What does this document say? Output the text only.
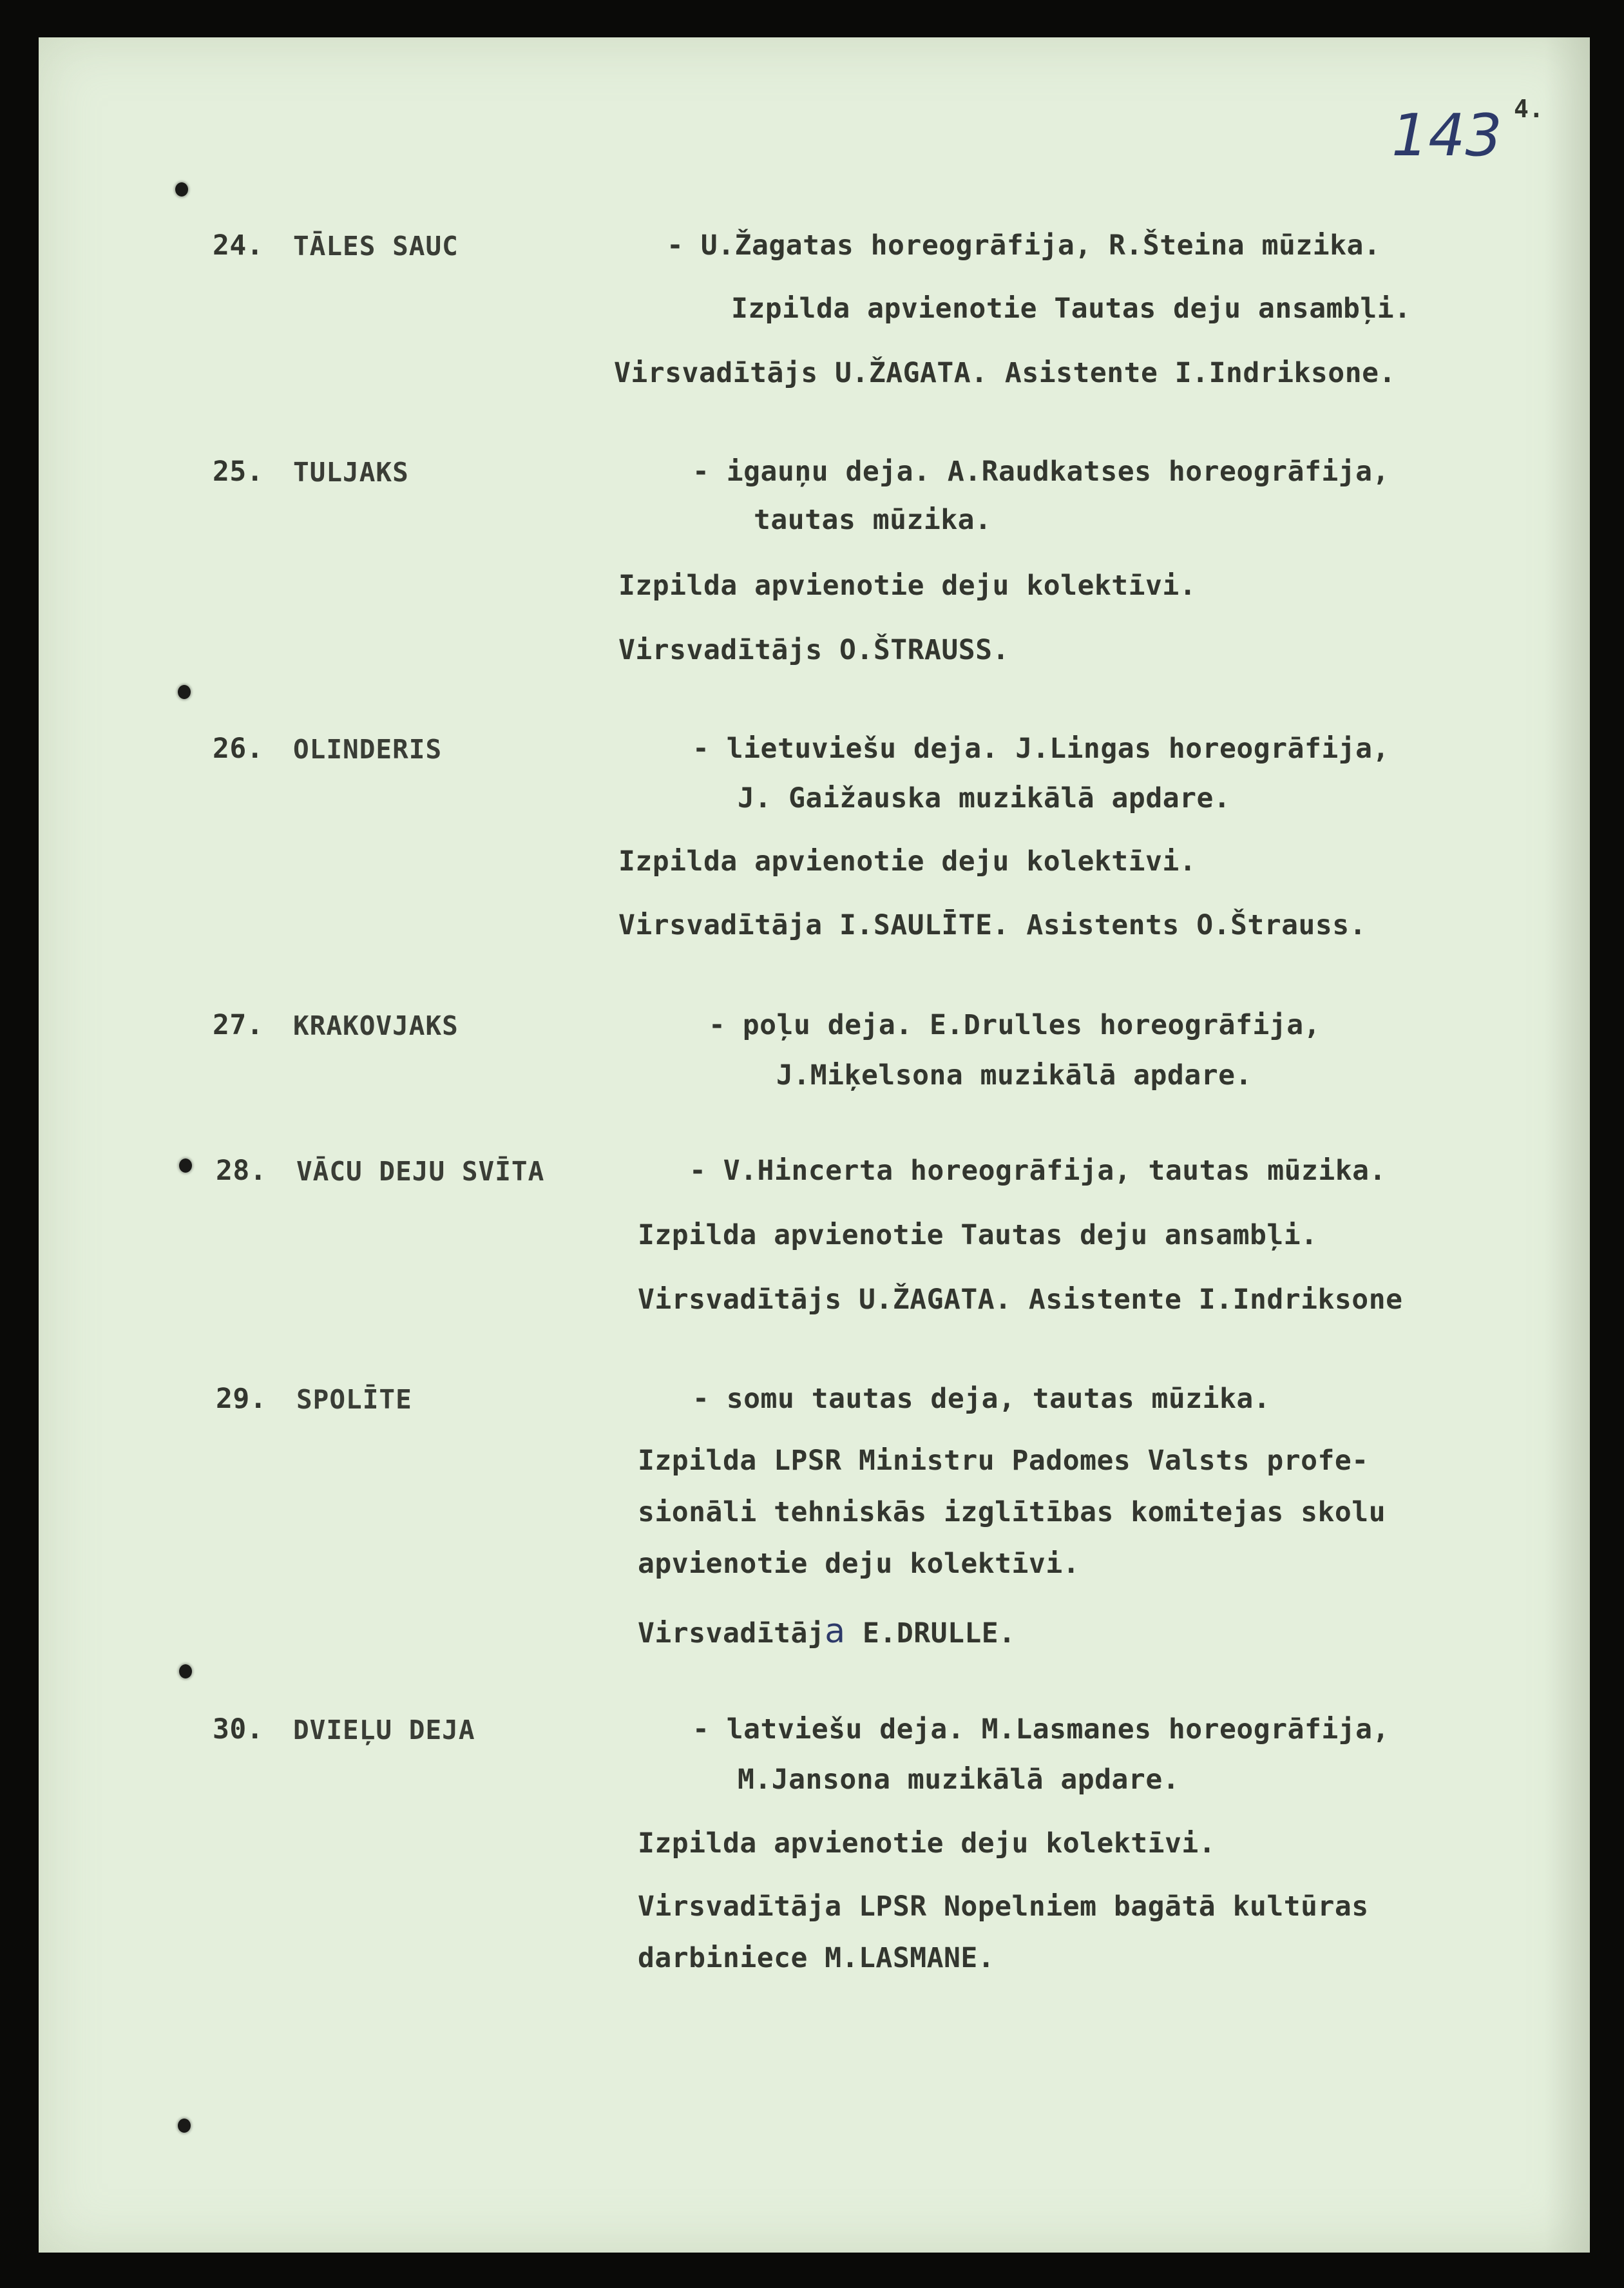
143 4.
24. TĀLES SAUC	- U.Žagatas horeogrāfija, R.Šteina mūzika.
Izpilda apvienotie Tautas deju ansambļi.
Virsvadītājs U.ŽAGATA. Asistente I.Indriksone.
25. TULJAKS	- igauņu deja. A.Raudkatses horeogrāfija,
tautas mūzika.
Izpilda apvienotie deju kolektīvi.
Virsvadītājs O.ŠTRAUSS.
26. OLINDERIS	- lietuviešu deja. J.Lingas horeogrāfija,
J. Gaižauska muzikālā apdare.
Izpilda apvienotie deju kolektīvi.
Virsvadītāja I.SAULĪTE. Asistents O.Štrauss.
27. KRAKOVJAKS	- poļu deja. E.Drulles horeogrāfija,
J.Miķelsona muzikālā apdare.
28. VĀCU DEJU SVĪTA	- V.Hincerta horeogrāfija, tautas mūzika.
Izpilda apvienotie Tautas deju ansambļi.
Virsvadītājs U.ŽAGATA. Asistente I.Indriksone
29. SPOLĪTE	- somu tautas deja, tautas mūzika.
Izpilda LPSR Ministru Padomes Valsts profe-
sionāli tehniskās izglītības komitejas skolu
apvienotie deju kolektīvi.
Virsvadītāja E.DRULLE.
30. DVIEĻU DEJA	- latviešu deja. M.Lasmanes horeogrāfija,
M.Jansona muzikālā apdare.
Izpilda apvienotie deju kolektīvi.
Virsvadītāja LPSR Nopelniem bagātā kultūras
darbiniece M.LASMANE.
